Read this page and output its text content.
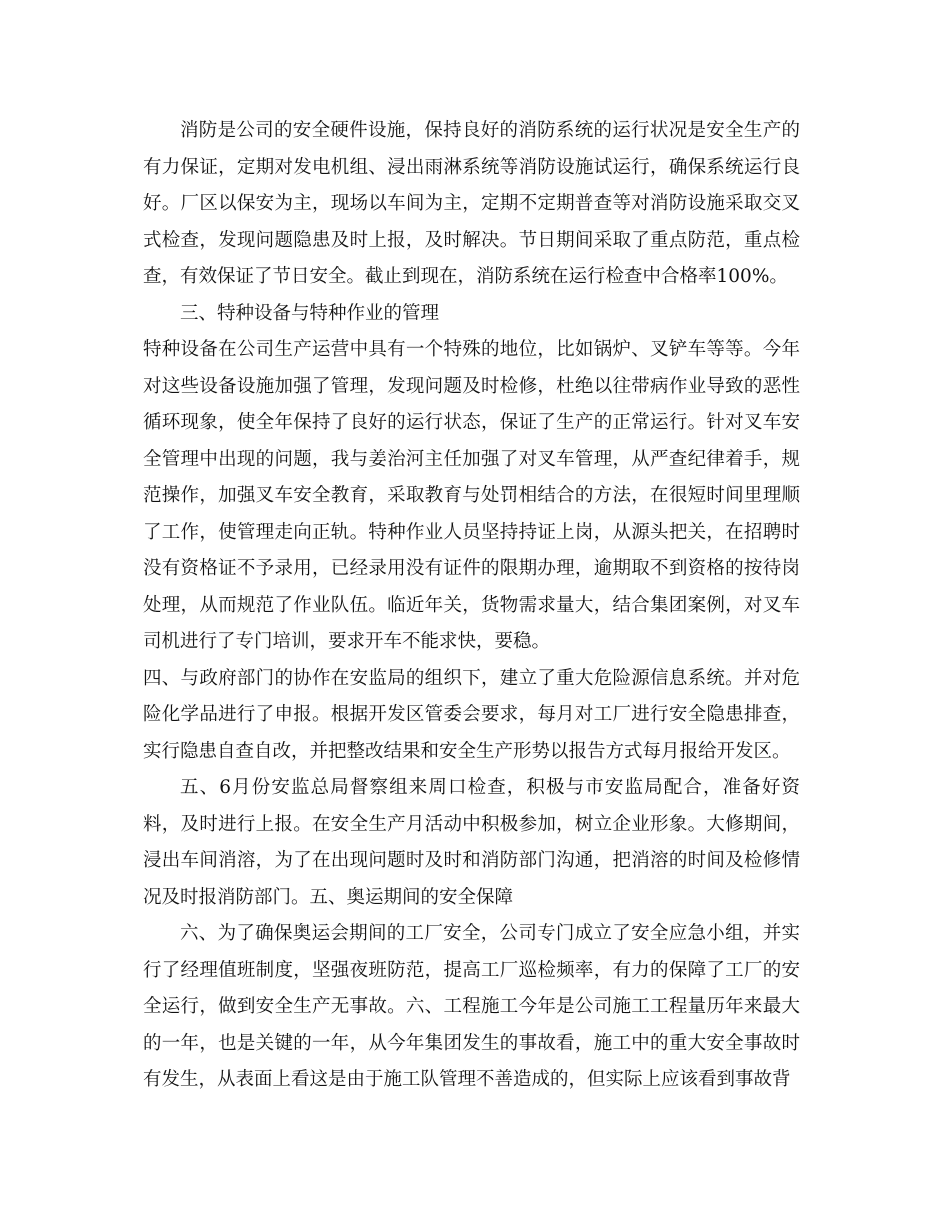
消防是公司的安全硬件设施，保持良好的消防系统的运行状况是安全生产的有力保证，定期对发电机组、浸出雨淋系统等消防设施试运行，确保系统运行良好。厂区以保安为主，现场以车间为主，定期不定期普查等对消防设施采取交叉式检查，发现问题隐患及时上报，及时解决。节日期间采取了重点防范，重点检查，有效保证了节日安全。截止到现在，消防系统在运行检查中合格率100%。

三、特种设备与特种作业的管理

特种设备在公司生产运营中具有一个特殊的地位，比如锅炉、叉铲车等等。今年对这些设备设施加强了管理，发现问题及时检修，杜绝以往带病作业导致的恶性循环现象，使全年保持了良好的运行状态，保证了生产的正常运行。针对叉车安全管理中出现的问题，我与姜治河主任加强了对叉车管理，从严查纪律着手，规范操作，加强叉车安全教育，采取教育与处罚相结合的方法，在很短时间里理顺了工作，使管理走向正轨。特种作业人员坚持持证上岗，从源头把关，在招聘时没有资格证不予录用，已经录用没有证件的限期办理，逾期取不到资格的按待岗处理，从而规范了作业队伍。临近年关，货物需求量大，结合集团案例，对叉车司机进行了专门培训，要求开车不能求快，要稳。

四、与政府部门的协作在安监局的组织下，建立了重大危险源信息系统。并对危险化学品进行了申报。根据开发区管委会要求，每月对工厂进行安全隐患排查，实行隐患自查自改，并把整改结果和安全生产形势以报告方式每月报给开发区。

五、6月份安监总局督察组来周口检查，积极与市安监局配合，准备好资料，及时进行上报。在安全生产月活动中积极参加，树立企业形象。大修期间，浸出车间消溶，为了在出现问题时及时和消防部门沟通，把消溶的时间及检修情况及时报消防部门。五、奥运期间的安全保障

六、为了确保奥运会期间的工厂安全，公司专门成立了安全应急小组，并实行了经理值班制度，坚强夜班防范，提高工厂巡检频率，有力的保障了工厂的安全运行，做到安全生产无事故。六、工程施工今年是公司施工工程量历年来最大的一年，也是关键的一年，从今年集团发生的事故看，施工中的重大安全事故时有发生，从表面上看这是由于施工队管理不善造成的，但实际上应该看到事故背
